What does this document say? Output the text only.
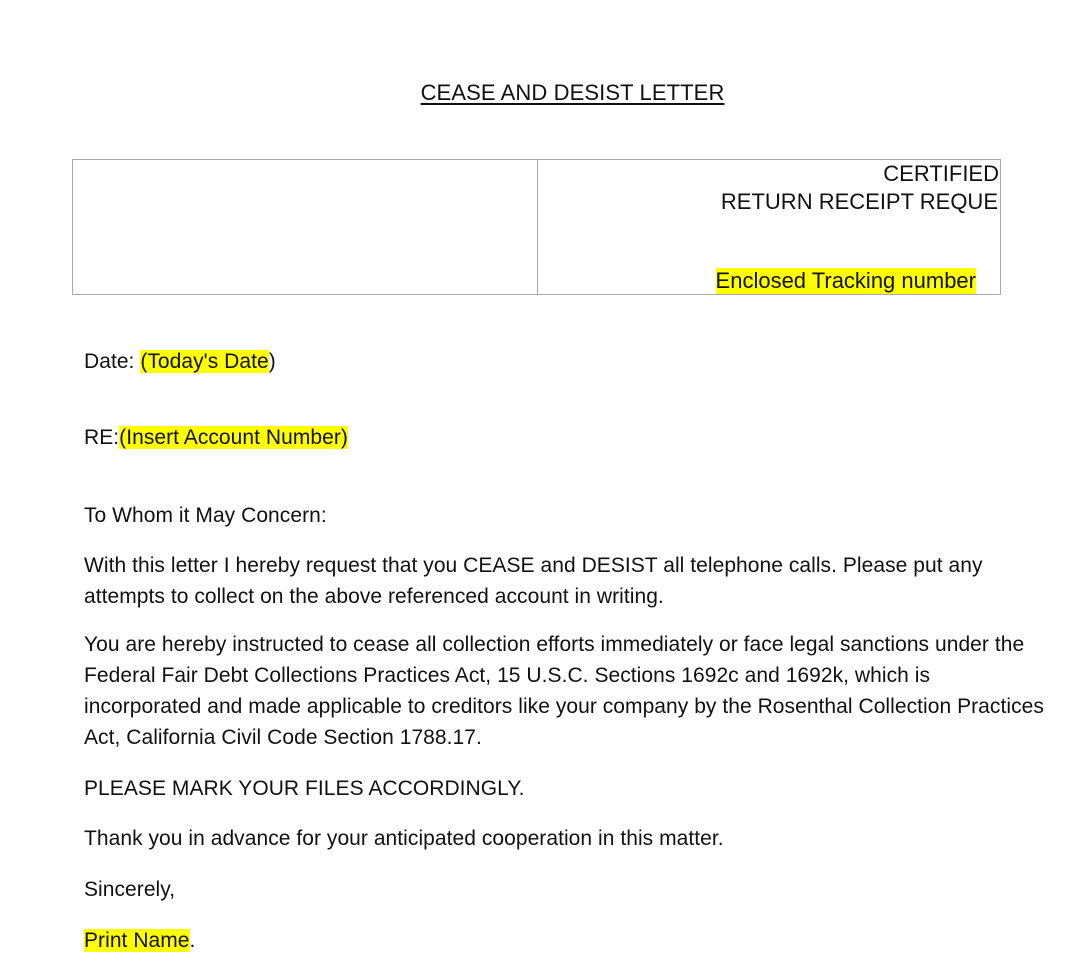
CEASE AND DESIST LETTER
CERTIFIED
RETURN RECEIPT REQUE
Enclosed Tracking number
Date: (Today's Date)
RE:(Insert Account Number)
To Whom it May Concern:
With this letter I hereby request that you CEASE and DESIST all telephone calls. Please put any attempts to collect on the above referenced account in writing.
You are hereby instructed to cease all collection efforts immediately or face legal sanctions under the Federal Fair Debt Collections Practices Act, 15 U.S.C. Sections 1692c and 1692k, which is incorporated and made applicable to creditors like your company by the Rosenthal Collection Practices Act, California Civil Code Section 1788.17.
PLEASE MARK YOUR FILES ACCORDINGLY.
Thank you in advance for your anticipated cooperation in this matter.
Sincerely,
Print Name.
